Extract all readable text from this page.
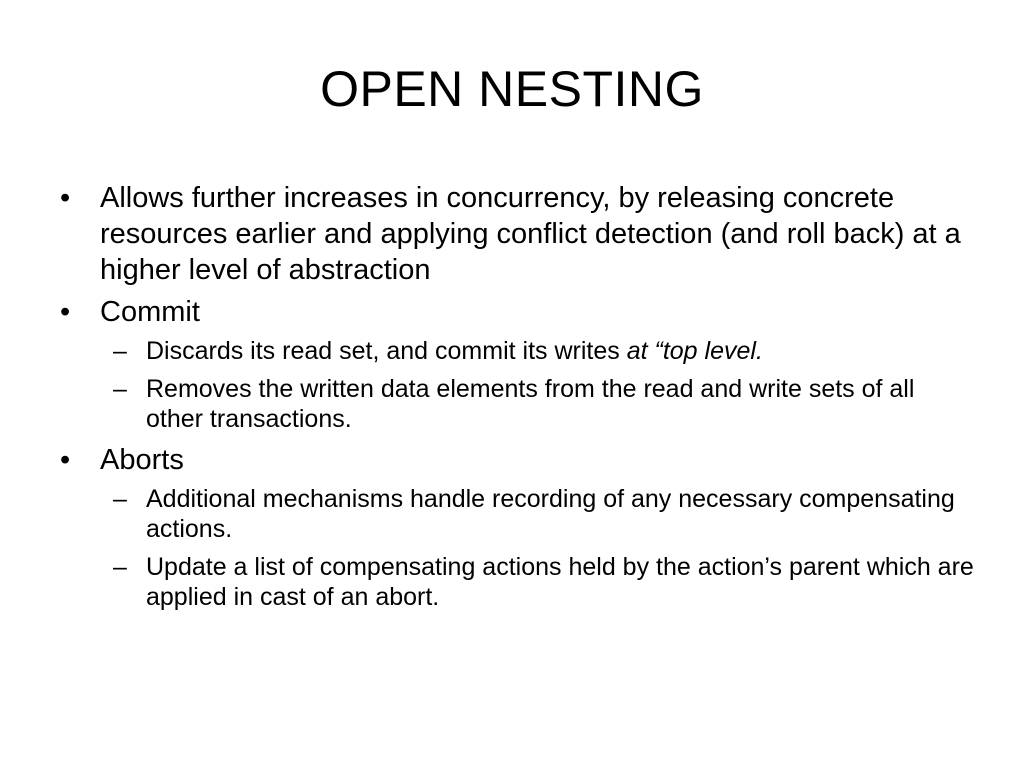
OPEN NESTING
• Allows further increases in concurrency, by releasing concrete resources earlier and applying conflict detection (and roll back) at a higher level of abstraction
• Commit
– Discards its read set, and commit its writes at “top level.
– Removes the written data elements from the read and write sets of all other transactions.
• Aborts
– Additional mechanisms handle recording of any necessary compensating actions.
– Update a list of compensating actions held by the action’s parent which are applied in cast of an abort.
